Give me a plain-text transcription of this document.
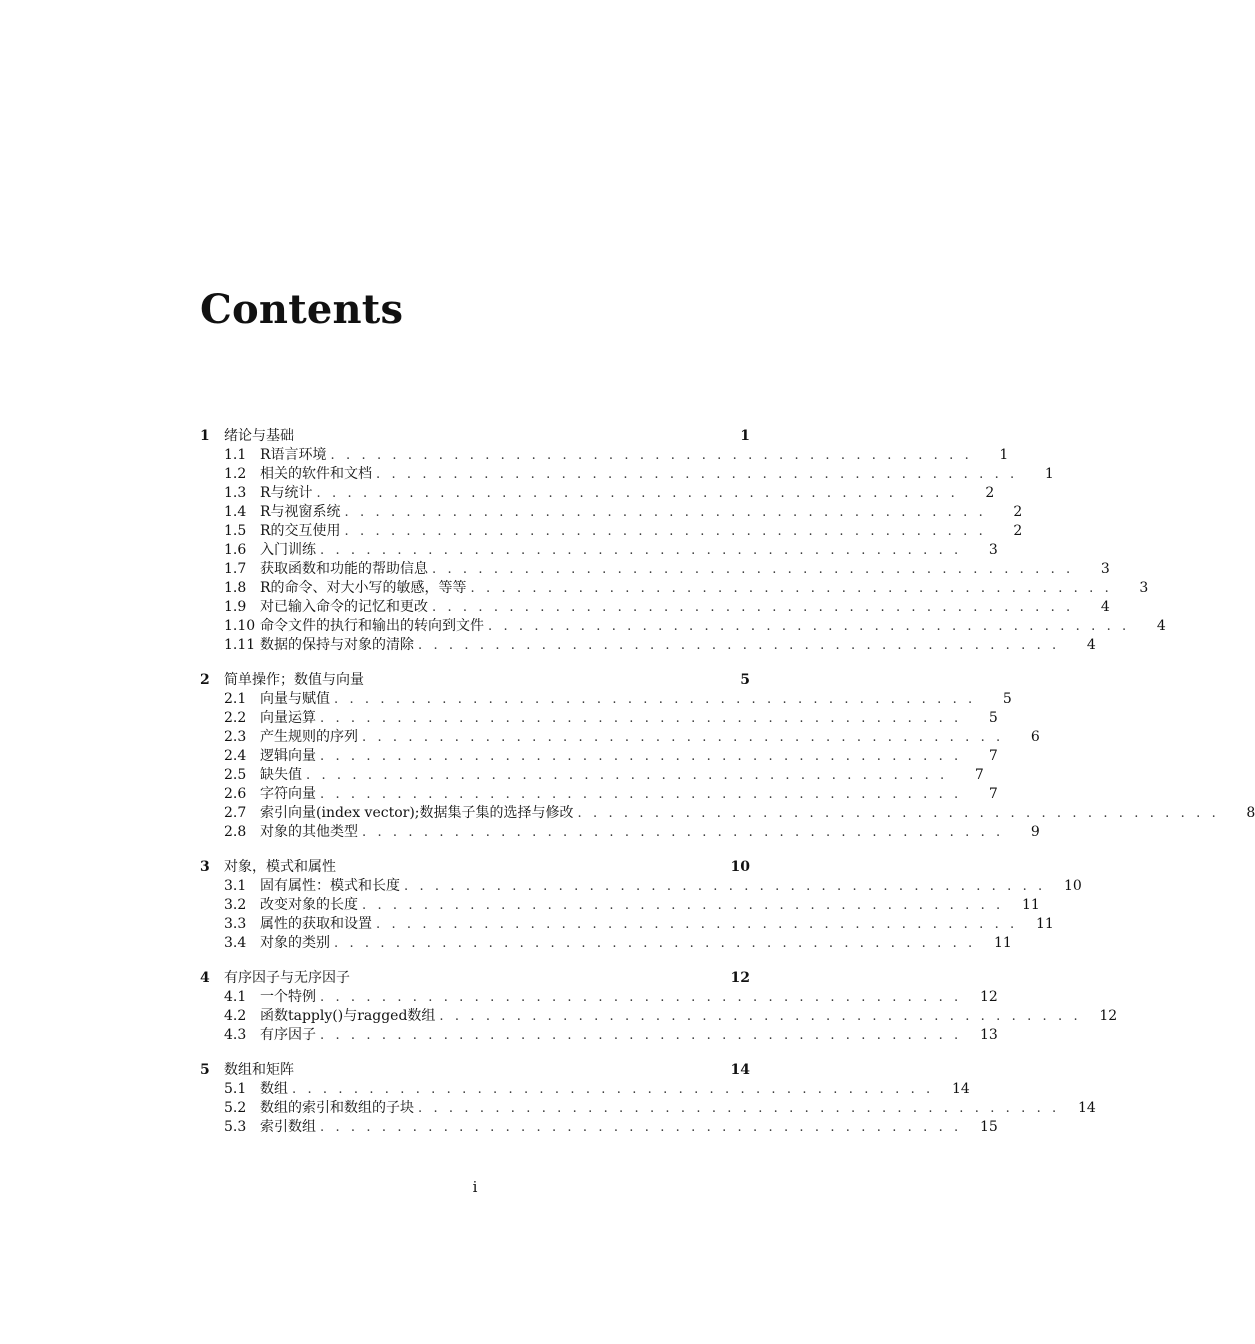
Contents
1	绪论与基础	1
1.1 R语言环境 . . . . . . . . . . . . . . . . . . . . . . . . . . . . . . . . . . . . . . . . . .	1
1.2 相关的软件和文档 . . . . . . . . . . . . . . . . . . . . . . . . . . . . . . . . . . . . . . . . . .	1
1.3 R与统计 . . . . . . . . . . . . . . . . . . . . . . . . . . . . . . . . . . . . . . . . . .	2
1.4 R与视窗系统 . . . . . . . . . . . . . . . . . . . . . . . . . . . . . . . . . . . . . . . . . .	2
1.5 R的交互使用 . . . . . . . . . . . . . . . . . . . . . . . . . . . . . . . . . . . . . . . . . .	2
1.6 入门训练 . . . . . . . . . . . . . . . . . . . . . . . . . . . . . . . . . . . . . . . . . .	3
1.7 获取函数和功能的帮助信息 . . . . . . . . . . . . . . . . . . . . . . . . . . . . . . . . . . . . . . . . . .	3
1.8 R的命令、对大小写的敏感，等等 . . . . . . . . . . . . . . . . . . . . . . . . . . . . . . . . . . . . . . . . . .	3
1.9 对已输入命令的记忆和更改 . . . . . . . . . . . . . . . . . . . . . . . . . . . . . . . . . . . . . . . . . .	4
1.10 命令文件的执行和输出的转向到文件 . . . . . . . . . . . . . . . . . . . . . . . . . . . . . . . . . . . . . . . . . .	4
1.11 数据的保持与对象的清除 . . . . . . . . . . . . . . . . . . . . . . . . . . . . . . . . . . . . . . . . . .	4
2	简单操作；数值与向量	5
2.1 向量与赋值 . . . . . . . . . . . . . . . . . . . . . . . . . . . . . . . . . . . . . . . . . .	5
2.2 向量运算 . . . . . . . . . . . . . . . . . . . . . . . . . . . . . . . . . . . . . . . . . .	5
2.3 产生规则的序列 . . . . . . . . . . . . . . . . . . . . . . . . . . . . . . . . . . . . . . . . . .	6
2.4 逻辑向量 . . . . . . . . . . . . . . . . . . . . . . . . . . . . . . . . . . . . . . . . . .	7
2.5 缺失值 . . . . . . . . . . . . . . . . . . . . . . . . . . . . . . . . . . . . . . . . . .	7
2.6 字符向量 . . . . . . . . . . . . . . . . . . . . . . . . . . . . . . . . . . . . . . . . . .	7
2.7 索引向量(index vector);数据集子集的选择与修改 . . . . . . . . . . . . . . . . . . . . . . . . . . . . . . . . . . . . . . . . . .	8
2.8 对象的其他类型 . . . . . . . . . . . . . . . . . . . . . . . . . . . . . . . . . . . . . . . . . .	9
3	对象，模式和属性	10
3.1 固有属性：模式和长度 . . . . . . . . . . . . . . . . . . . . . . . . . . . . . . . . . . . . . . . . . .	10
3.2 改变对象的长度 . . . . . . . . . . . . . . . . . . . . . . . . . . . . . . . . . . . . . . . . . .	11
3.3 属性的获取和设置 . . . . . . . . . . . . . . . . . . . . . . . . . . . . . . . . . . . . . . . . . .	11
3.4 对象的类别 . . . . . . . . . . . . . . . . . . . . . . . . . . . . . . . . . . . . . . . . . .	11
4	有序因子与无序因子	12
4.1 一个特例 . . . . . . . . . . . . . . . . . . . . . . . . . . . . . . . . . . . . . . . . . .	12
4.2 函数tapply()与ragged数组 . . . . . . . . . . . . . . . . . . . . . . . . . . . . . . . . . . . . . . . . . .	12
4.3 有序因子 . . . . . . . . . . . . . . . . . . . . . . . . . . . . . . . . . . . . . . . . . .	13
5	数组和矩阵	14
5.1 数组 . . . . . . . . . . . . . . . . . . . . . . . . . . . . . . . . . . . . . . . . . .	14
5.2 数组的索引和数组的子块 . . . . . . . . . . . . . . . . . . . . . . . . . . . . . . . . . . . . . . . . . .	14
5.3 索引数组 . . . . . . . . . . . . . . . . . . . . . . . . . . . . . . . . . . . . . . . . . .	15
i
